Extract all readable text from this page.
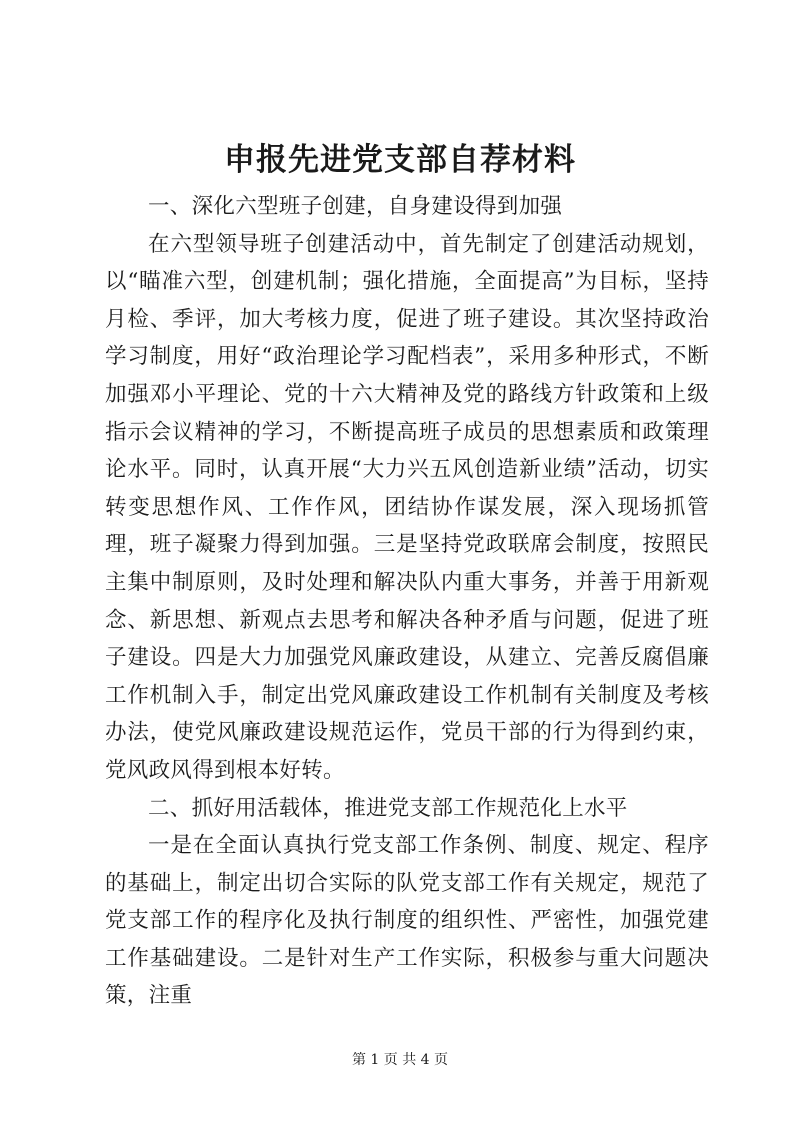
申报先进党支部自荐材料

一、深化六型班子创建，自身建设得到加强

在六型领导班子创建活动中，首先制定了创建活动规划，以“瞄准六型，创建机制；强化措施，全面提高”为目标，坚持月检、季评，加大考核力度，促进了班子建设。其次坚持政治学习制度，用好“政治理论学习配档表”，采用多种形式，不断加强邓小平理论、党的十六大精神及党的路线方针政策和上级指示会议精神的学习，不断提高班子成员的思想素质和政策理论水平。同时，认真开展“大力兴五风创造新业绩”活动，切实转变思想作风、工作作风，团结协作谋发展，深入现场抓管理，班子凝聚力得到加强。三是坚持党政联席会制度，按照民主集中制原则，及时处理和解决队内重大事务，并善于用新观念、新思想、新观点去思考和解决各种矛盾与问题，促进了班子建设。四是大力加强党风廉政建设，从建立、完善反腐倡廉工作机制入手，制定出党风廉政建设工作机制有关制度及考核办法，使党风廉政建设规范运作，党员干部的行为得到约束，党风政风得到根本好转。

二、抓好用活载体，推进党支部工作规范化上水平

一是在全面认真执行党支部工作条例、制度、规定、程序的基础上，制定出切合实际的队党支部工作有关规定，规范了党支部工作的程序化及执行制度的组织性、严密性，加强党建工作基础建设。二是针对生产工作实际，积极参与重大问题决策，注重

第 1 页 共 4 页
